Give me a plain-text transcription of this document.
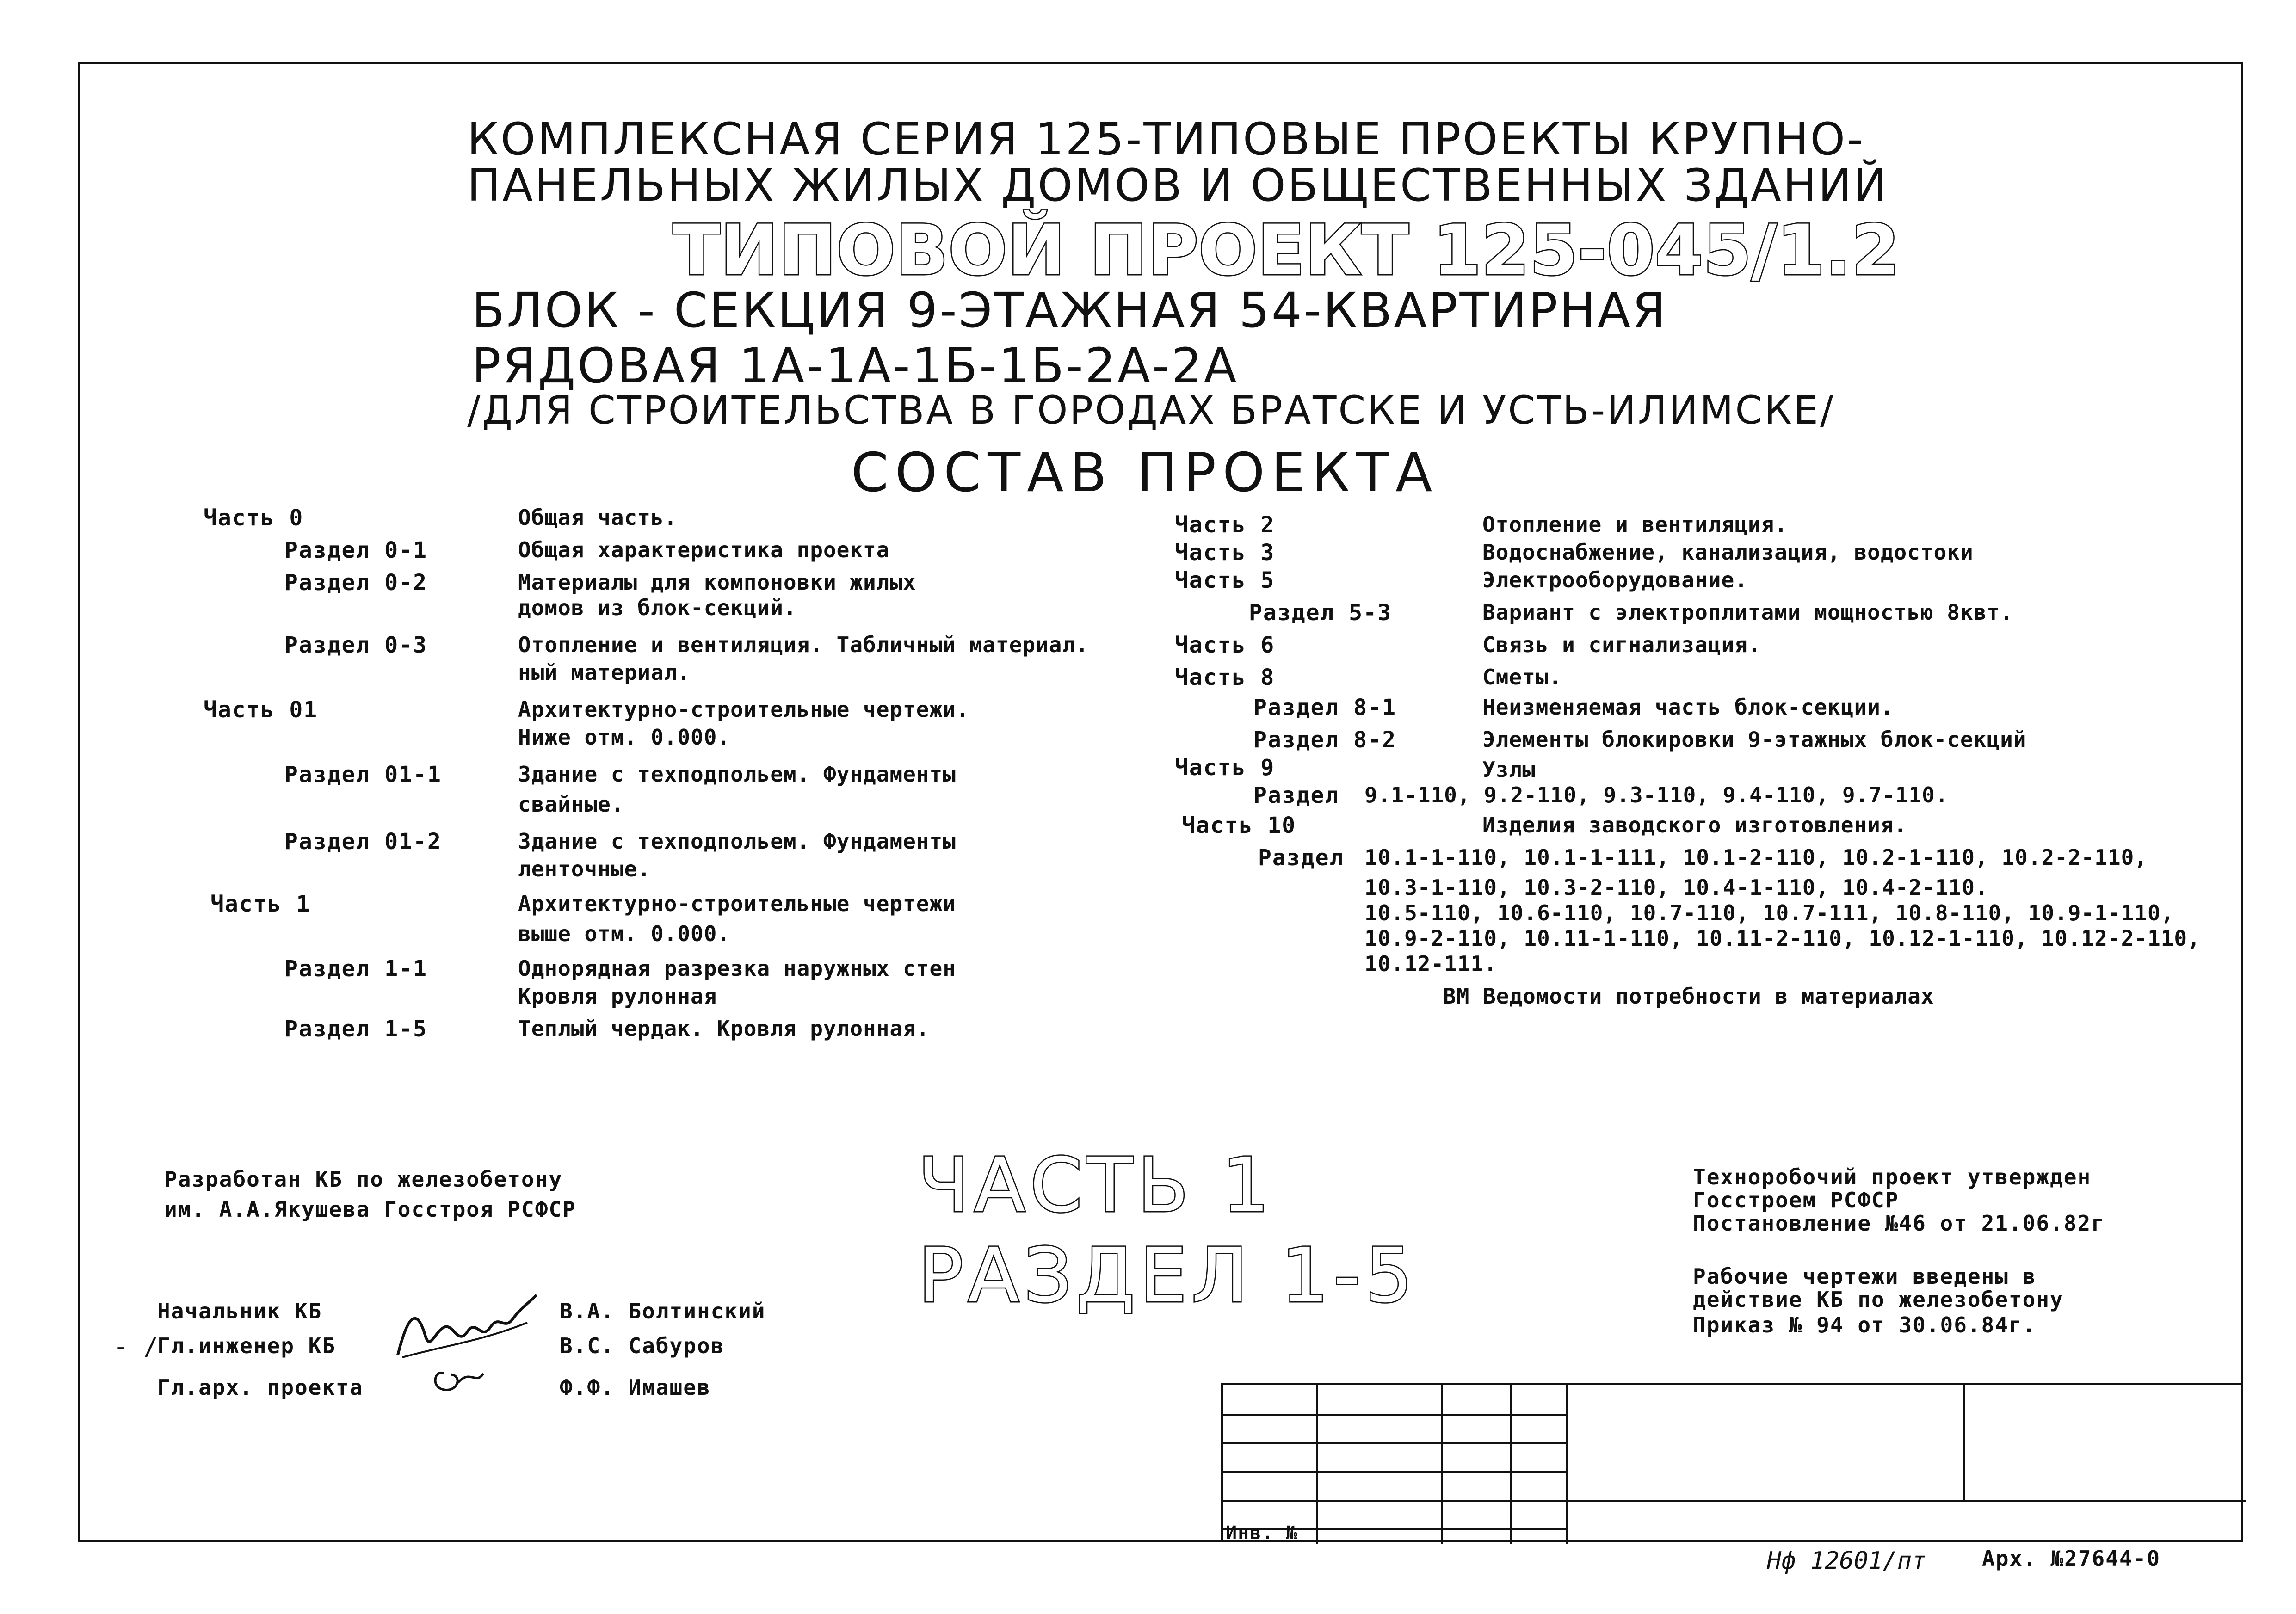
КОМПЛЕКСНАЯ СЕРИЯ 125-ТИПОВЫЕ ПРОЕКТЫ КРУПНО-
ПАНЕЛЬНЫХ ЖИЛЫХ ДОМОВ И ОБЩЕСТВЕННЫХ ЗДАНИЙ
ТИПОВОЙ ПРОЕКТ 125-045/1.2
БЛОК - СЕКЦИЯ 9-ЭТАЖНАЯ 54-КВАРТИРНАЯ
РЯДОВАЯ 1А-1А-1Б-1Б-2А-2А
/ДЛЯ СТРОИТЕЛЬСТВА В ГОРОДАХ БРАТСКЕ И УСТЬ-ИЛИМСКЕ/
СОСТАВ ПРОЕКТА
Часть 0	Общая часть.
Раздел 0-1	Общая характеристика проекта
Раздел 0-2	Материалы для компоновки жилых
домов из блок-секций.
Раздел 0-3	Отопление и вентиляция. Табличный материал.
ный материал.
Часть 01	Архитектурно-строительные чертежи.
Ниже отм. 0.000.
Раздел 01-1	Здание с техподпольем. Фундаменты
свайные.
Раздел 01-2	Здание с техподпольем. Фундаменты
ленточные.
Часть 1	Архитектурно-строительные чертежи
выше отм. 0.000.
Раздел 1-1	Однорядная разрезка наружных стен
Кровля рулонная
Раздел 1-5	Теплый чердак. Кровля рулонная.
Часть 2	Отопление и вентиляция.
Часть 3	Водоснабжение, канализация, водостоки
Часть 5	Электрооборудование.
Раздел 5-3	Вариант с электроплитами мощностью 8квт.
Часть 6	Связь и сигнализация.
Часть 8	Сметы.
Раздел 8-1	Неизменяемая часть блок-секции.
Раздел 8-2	Элементы блокировки 9-этажных блок-секций
Часть 9	Узлы
Раздел 9.1-110, 9.2-110, 9.3-110, 9.4-110, 9.7-110.
Часть 10	Изделия заводского изготовления.
Раздел 10.1-1-110, 10.1-1-111, 10.1-2-110, 10.2-1-110, 10.2-2-110,
10.3-1-110, 10.3-2-110, 10.4-1-110, 10.4-2-110.
10.5-110, 10.6-110, 10.7-110, 10.7-111, 10.8-110, 10.9-1-110,
10.9-2-110, 10.11-1-110, 10.11-2-110, 10.12-1-110, 10.12-2-110,
10.12-111.
ВМ Ведомости потребности в материалах
Разработан КБ по железобетону
им. А.А.Якушева Госстроя РСФСР
Начальник КБ	В.А. Болтинский
Гл.инженер КБ	В.С. Сабуров
Гл.арх. проекта	Ф.Ф. Имашев
- /
ЧАСТЬ 1
РАЗДЕЛ 1-5
Техноробочий проект утвержден
Госстроем РСФСР
Постановление №46 от 21.06.82г
Рабочие чертежи введены в
действие КБ по железобетону
Приказ № 94 от 30.06.84г.
Инв. №
Нф 12601/пт	Арх. №27644-0
